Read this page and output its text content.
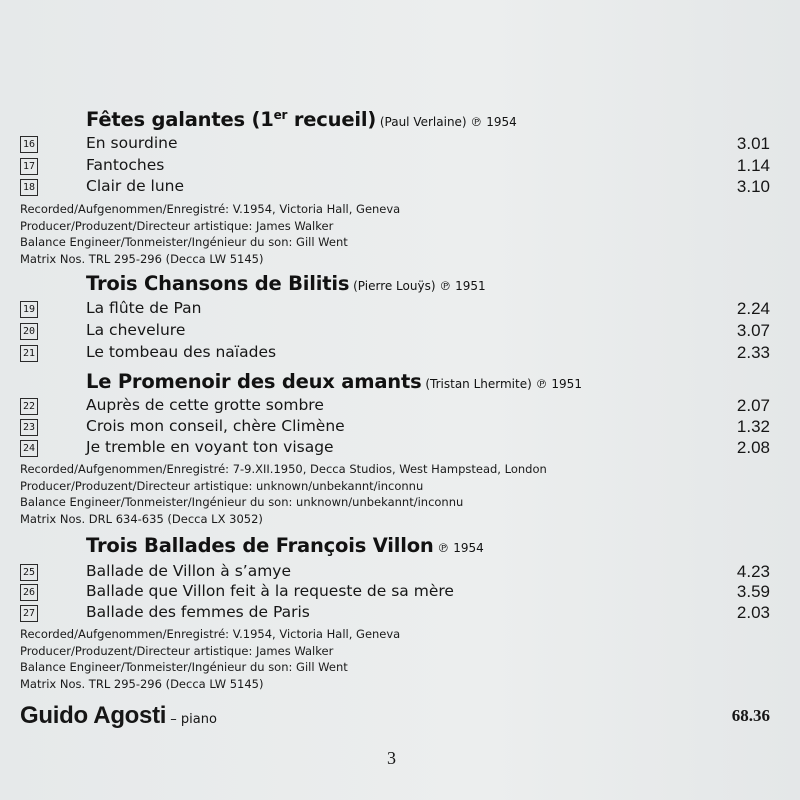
Fêtes galantes (1er recueil) (Paul Verlaine) ℗ 1954
16	En sourdine	3.01
17	Fantoches	1.14
18	Clair de lune	3.10
Recorded/Aufgenommen/Enregistré: V.1954, Victoria Hall, Geneva
Producer/Produzent/Directeur artistique: James Walker
Balance Engineer/Tonmeister/Ingénieur du son: Gill Went
Matrix Nos. TRL 295-296 (Decca LW 5145)
Trois Chansons de Bilitis (Pierre Louÿs) ℗ 1951
19	La flûte de Pan	2.24
20	La chevelure	3.07
21	Le tombeau des naïades	2.33
Le Promenoir des deux amants (Tristan Lhermite) ℗ 1951
22	Auprès de cette grotte sombre	2.07
23	Crois mon conseil, chère Climène	1.32
24	Je tremble en voyant ton visage	2.08
Recorded/Aufgenommen/Enregistré: 7-9.XII.1950, Decca Studios, West Hampstead, London
Producer/Produzent/Directeur artistique: unknown/unbekannt/inconnu
Balance Engineer/Tonmeister/Ingénieur du son: unknown/unbekannt/inconnu
Matrix Nos. DRL 634-635 (Decca LX 3052)
Trois Ballades de François Villon ℗ 1954
25	Ballade de Villon à s’amye	4.23
26	Ballade que Villon feit à la requeste de sa mère	3.59
27	Ballade des femmes de Paris	2.03
Recorded/Aufgenommen/Enregistré: V.1954, Victoria Hall, Geneva
Producer/Produzent/Directeur artistique: James Walker
Balance Engineer/Tonmeister/Ingénieur du son: Gill Went
Matrix Nos. TRL 295-296 (Decca LW 5145)
Guido Agosti – piano	68.36
3
